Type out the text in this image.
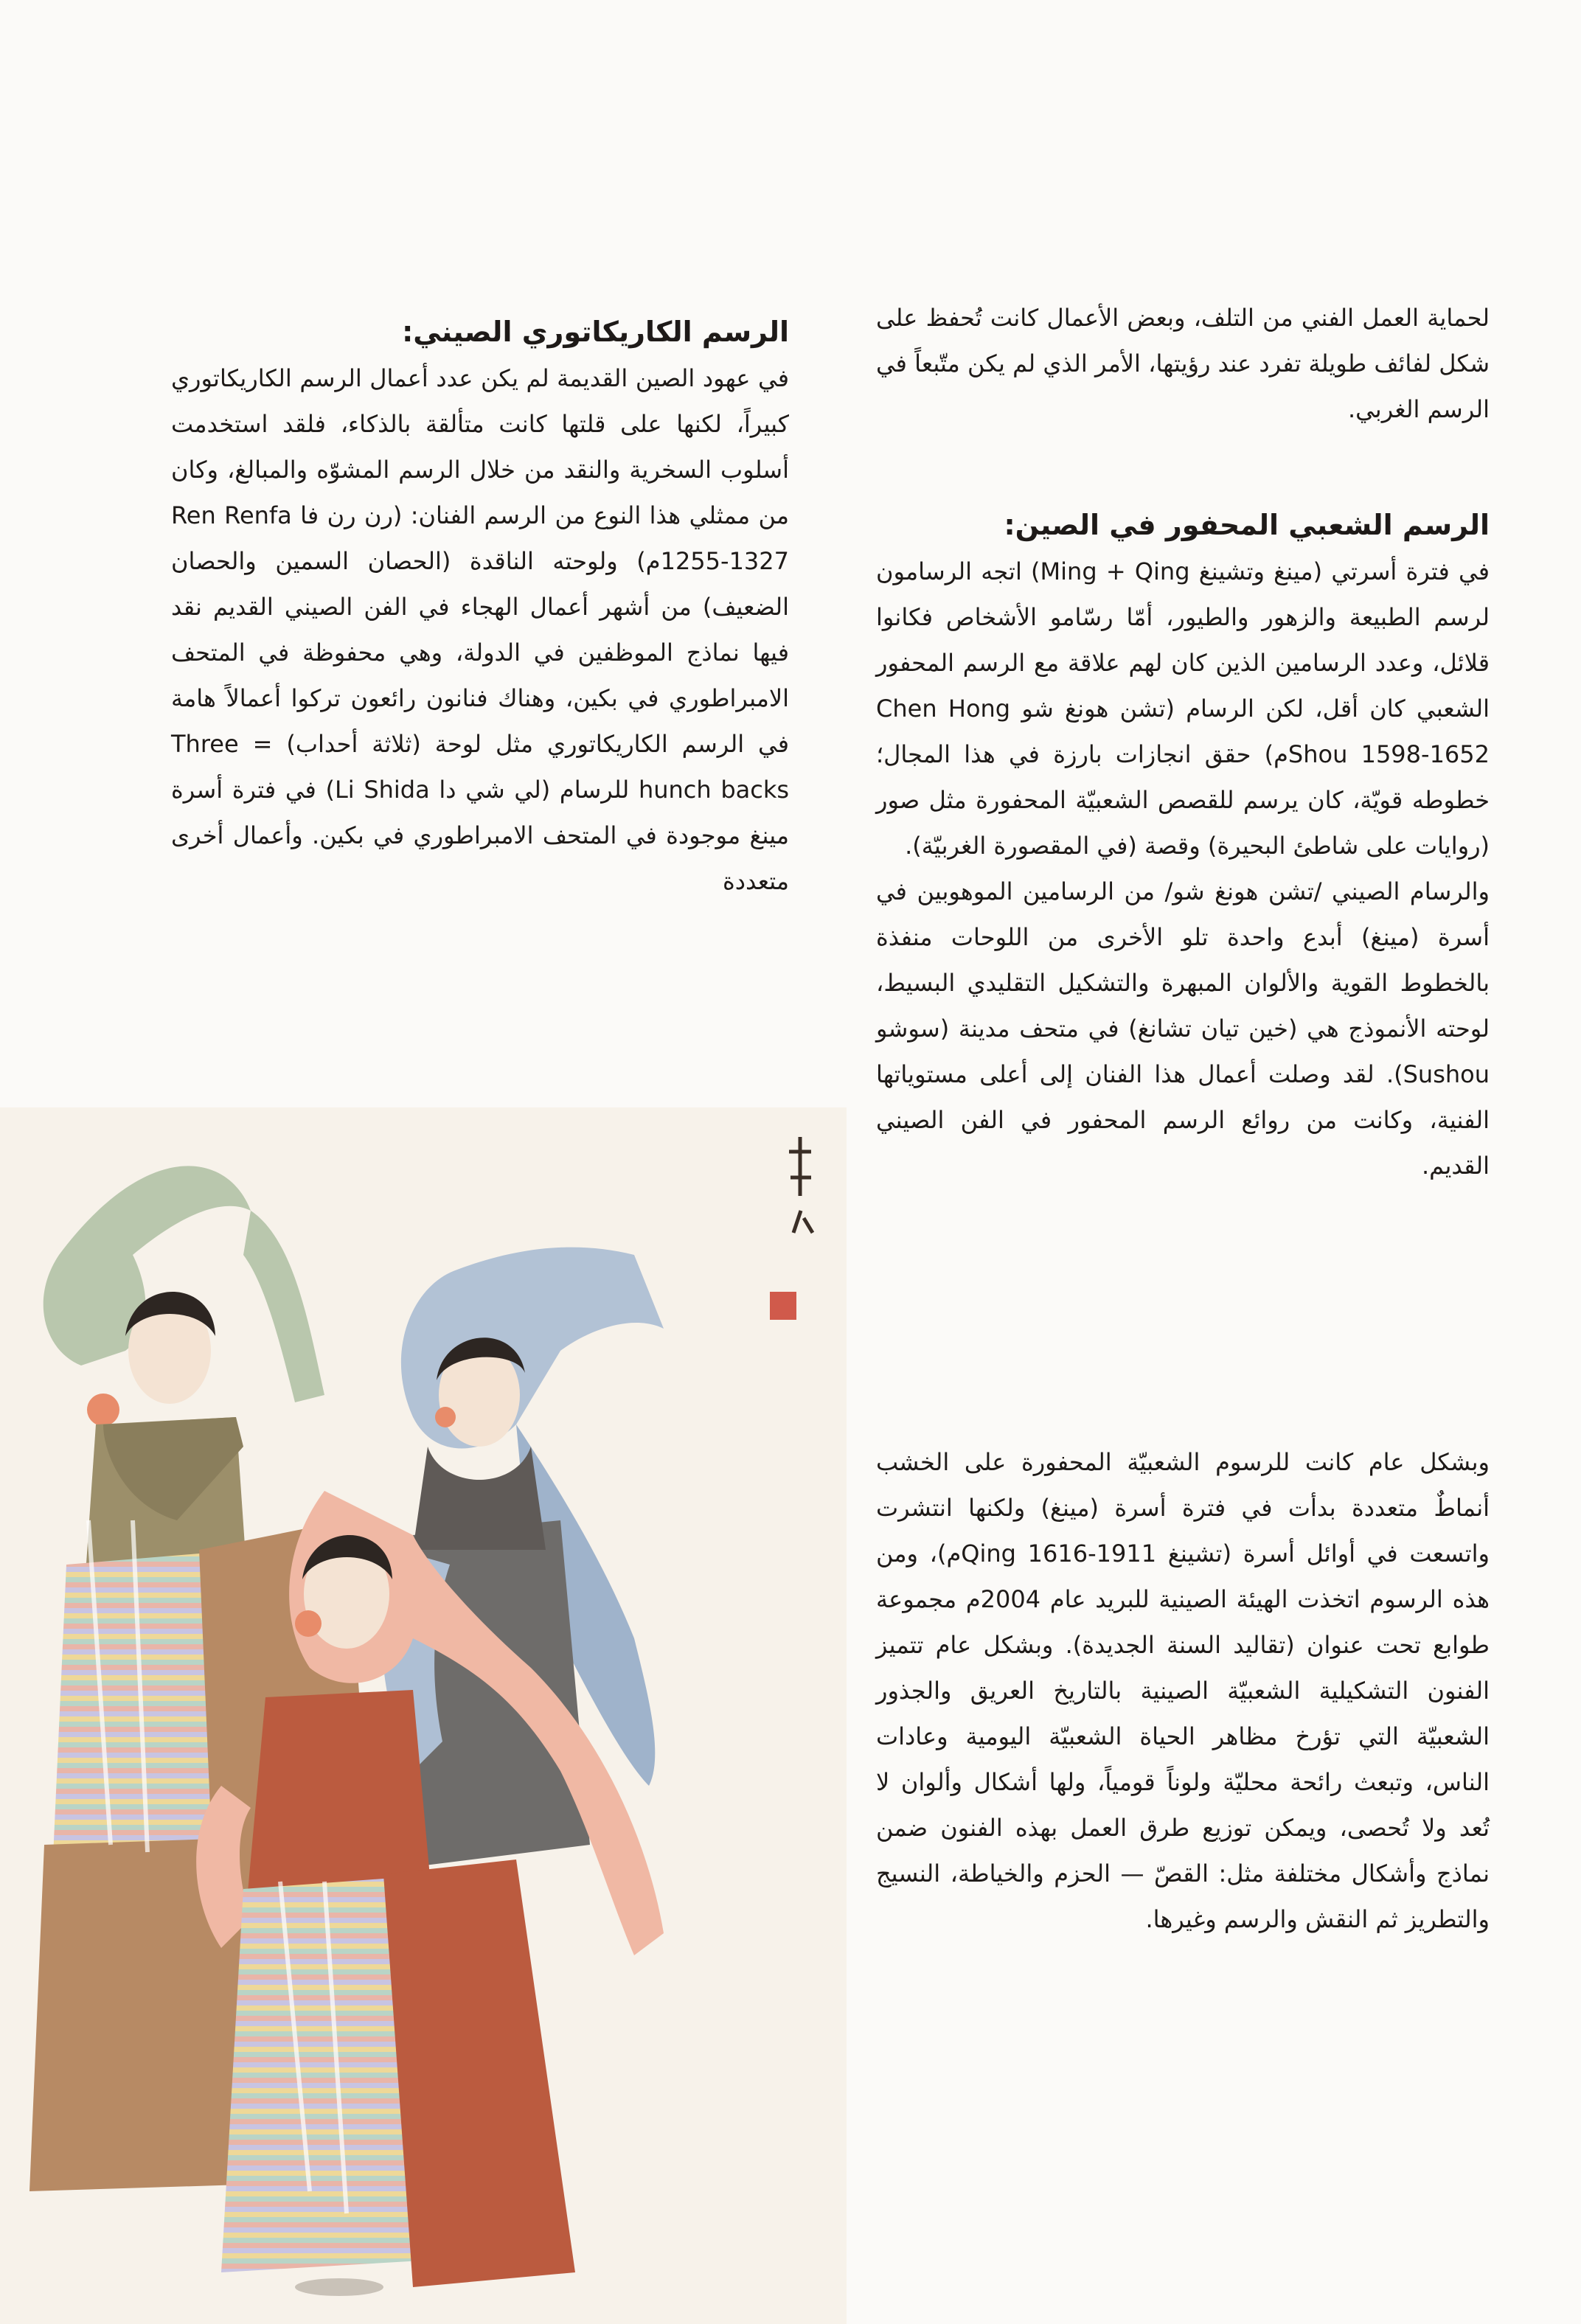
لحماية العمل الفني من التلف، وبعض الأعمال كانت تُحفظ على شكل لفائف طويلة تفرد عند رؤيتها، الأمر الذي لم يكن متّبعاً في الرسم الغربي.

الرسم الشعبي المحفور في الصين:

في فترة أسرتي (مينغ وتشينغ Ming + Qing) اتجه الرسامون لرسم الطبيعة والزهور والطيور، أمّا رسّامو الأشخاص فكانوا قلائل، وعدد الرسامين الذين كان لهم علاقة مع الرسم المحفور الشعبي كان أقل، لكن الرسام (تشن هونغ شو Chen Hong Shou 1598-1652م) حقق انجازات بارزة في هذا المجال؛ خطوطه قويّة، كان يرسم للقصص الشعبيّة المحفورة مثل صور (روايات على شاطئ البحيرة) وقصة (في المقصورة الغربيّة).

والرسام الصيني /تشن هونغ شو/ من الرسامين الموهوبين في أسرة (مينغ) أبدع واحدة تلو الأخرى من اللوحات منفذة بالخطوط القوية والألوان المبهرة والتشكيل التقليدي البسيط، لوحته الأنموذج هي (خين تيان تشانغ) في متحف مدينة (سوشو Sushou). لقد وصلت أعمال هذا الفنان إلى أعلى مستوياتها الفنية، وكانت من روائع الرسم المحفور في الفن الصيني القديم.

وبشكل عام كانت للرسوم الشعبيّة المحفورة على الخشب أنماطٌ متعددة بدأت في فترة أسرة (مينغ) ولكنها انتشرت واتسعت في أوائل أسرة (تشينغ Qing 1616-1911م)، ومن هذه الرسوم اتخذت الهيئة الصينية للبريد عام 2004م مجموعة طوابع تحت عنوان (تقاليد السنة الجديدة). وبشكل عام تتميز الفنون التشكيلية الشعبيّة الصينية بالتاريخ العريق والجذور الشعبيّة التي تؤرخ مظاهر الحياة الشعبيّة اليومية وعادات الناس، وتبعث رائحة محليّة ولوناً قومياً، ولها أشكال وألوان لا تُعد ولا تُحصى، ويمكن توزيع طرق العمل بهذه الفنون ضمن نماذج وأشكال مختلفة مثل: القصّ — الحزم والخياطة، النسيج والتطريز ثم النقش والرسم وغيرها.

الرسم الكاريكاتوري الصيني:

في عهود الصين القديمة لم يكن عدد أعمال الرسم الكاريكاتوري كبيراً، لكنها على قلتها كانت متألقة بالذكاء، فلقد استخدمت أسلوب السخرية والنقد من خلال الرسم المشوّه والمبالغ، وكان من ممثلي هذا النوع من الرسم الفنان: (رن رن فا Ren Renfa 1255-1327م) ولوحته الناقدة (الحصان السمين والحصان الضعيف) من أشهر أعمال الهجاء في الفن الصيني القديم نقد فيها نماذج الموظفين في الدولة، وهي محفوظة في المتحف الامبراطوري في بكين، وهناك فنانون رائعون تركوا أعمالاً هامة في الرسم الكاريكاتوري مثل لوحة (ثلاثة أحداب) = Three hunch backs للرسام (لي شي دا Li Shida) في فترة أسرة مينغ موجودة في المتحف الامبراطوري في بكين. وأعمال أخرى متعددة
